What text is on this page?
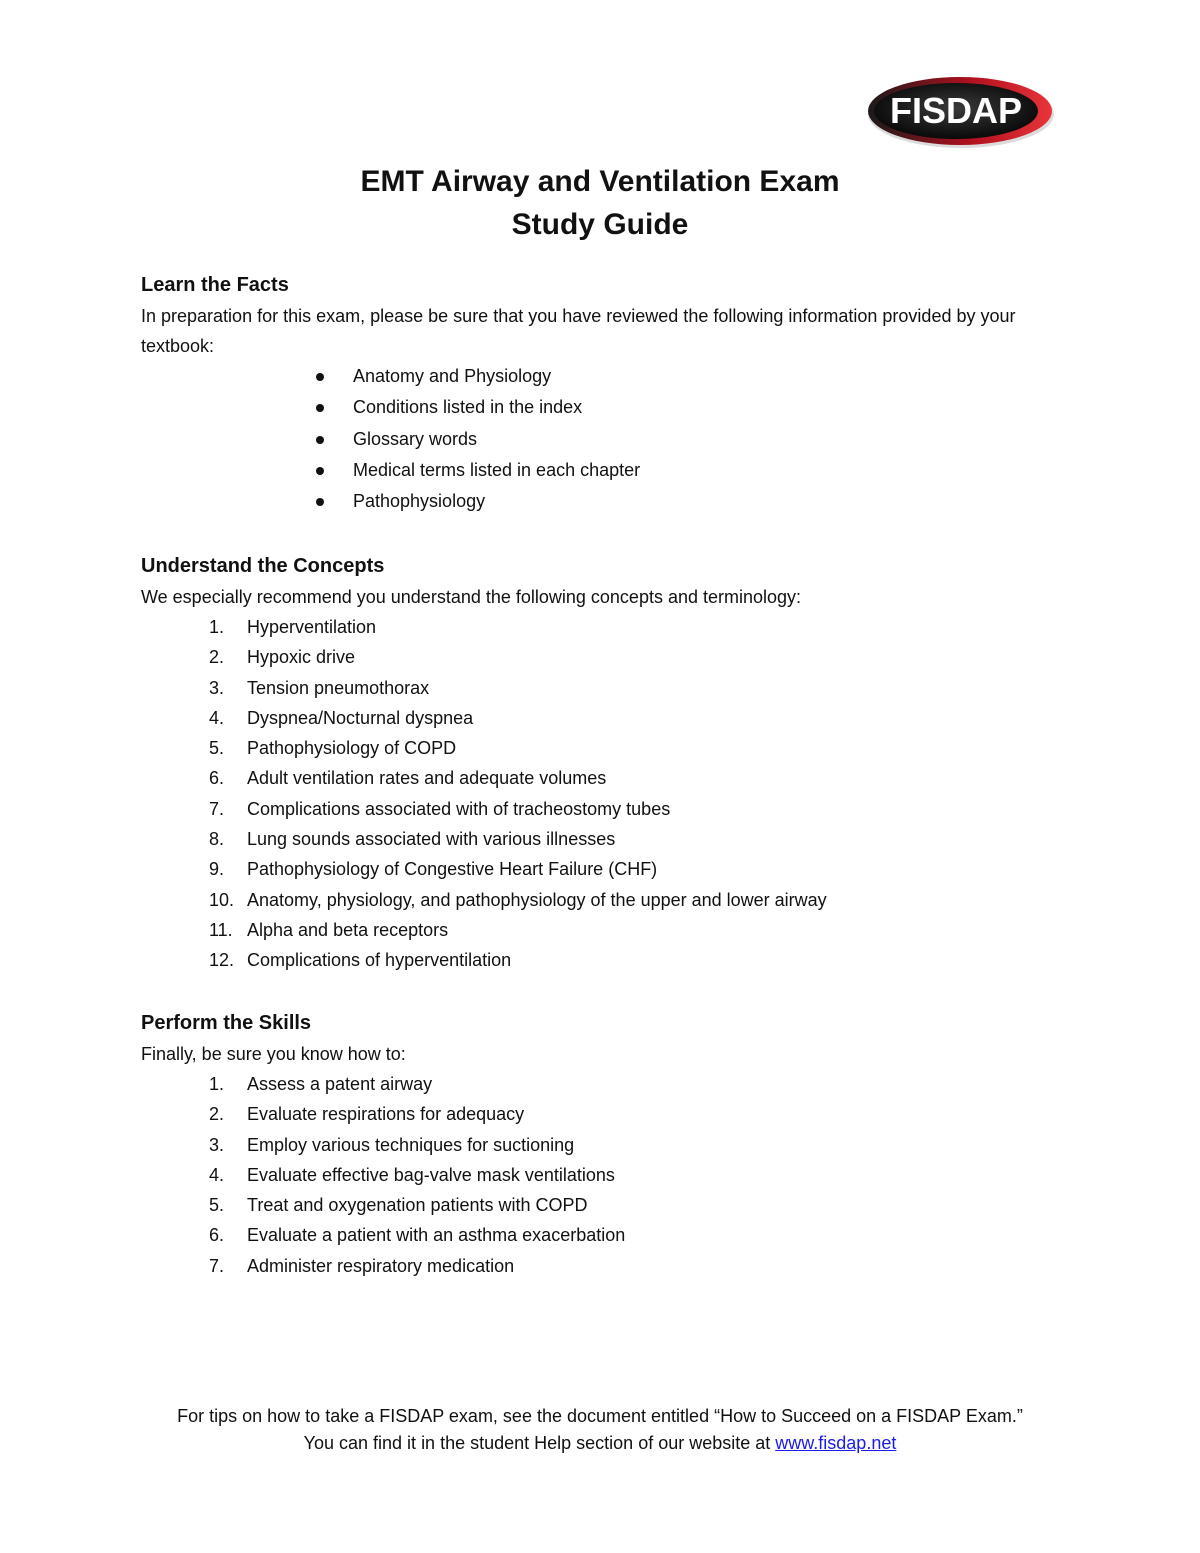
FISDAP
EMT Airway and Ventilation Exam
Study Guide
Learn the Facts

In preparation for this exam, please be sure that you have reviewed the following information provided by your textbook:

Anatomy and Physiology
Conditions listed in the index
Glossary words
Medical terms listed in each chapter
Pathophysiology
Understand the Concepts

We especially recommend you understand the following concepts and terminology:

1.	Hyperventilation
2.	Hypoxic drive
3.	Tension pneumothorax
4.	Dyspnea/Nocturnal dyspnea
5.	Pathophysiology of COPD
6.	Adult ventilation rates and adequate volumes
7.	Complications associated with of tracheostomy tubes
8.	Lung sounds associated with various illnesses
9.	Pathophysiology of Congestive Heart Failure (CHF)
10. Anatomy, physiology, and pathophysiology of the upper and lower airway
11. Alpha and beta receptors
12. Complications of hyperventilation
Perform the Skills

Finally, be sure you know how to:

1.	Assess a patent airway
2.	Evaluate respirations for adequacy
3.	Employ various techniques for suctioning
4.	Evaluate effective bag-valve mask ventilations
5.	Treat and oxygenation patients with COPD
6.	Evaluate a patient with an asthma exacerbation
7.	Administer respiratory medication
For tips on how to take a FISDAP exam, see the document entitled “How to Succeed on a FISDAP Exam.”
You can find it in the student Help section of our website at www.fisdap.net
